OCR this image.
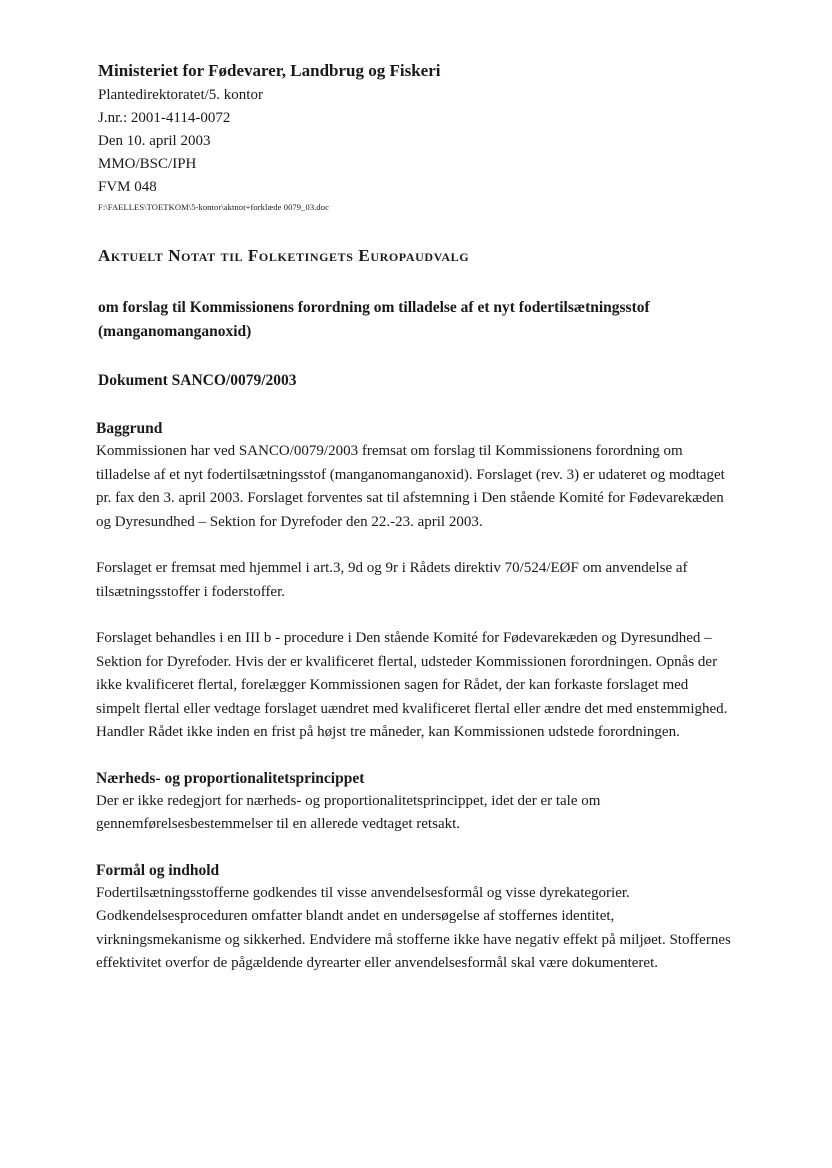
Ministeriet for Fødevarer, Landbrug og Fiskeri
Plantedirektoratet/5. kontor
J.nr.: 2001-4114-0072
Den 10. april 2003
MMO/BSC/IPH
FVM 048
F:\FAELLES\TOETKOM\5-kontor\aktnot+forklæde 0079_03.doc
Aktuelt Notat til Folketingets Europaudvalg
om forslag til Kommissionens forordning om tilladelse af et nyt fodertilsætningsstof (manganomanganoxid)
Dokument SANCO/0079/2003
Baggrund

Kommissionen har ved SANCO/0079/2003 fremsat om forslag til Kommissionens forordning om tilladelse af et nyt fodertilsætningsstof (manganomanganoxid). Forslaget (rev. 3) er udateret og modtaget pr. fax den 3. april 2003. Forslaget forventes sat til afstemning i Den stående Komité for Fødevarekæden og Dyresundhed – Sektion for Dyrefoder den 22.-23. april 2003.

Forslaget er fremsat med hjemmel i art.3, 9d og 9r i Rådets direktiv 70/524/EØF om anvendelse af tilsætningsstoffer i foderstoffer.

Forslaget behandles i en III b - procedure i Den stående Komité for Fødevarekæden og Dyresundhed – Sektion for Dyrefoder. Hvis der er kvalificeret flertal, udsteder Kommissionen forordningen. Opnås der ikke kvalificeret flertal, forelægger Kommissionen sagen for Rådet, der kan forkaste forslaget med simpelt flertal eller vedtage forslaget uændret med kvalificeret flertal eller ændre det med enstemmighed. Handler Rådet ikke inden en frist på højst tre måneder, kan Kommissionen udstede forordningen.

Nærheds- og proportionalitetsprincippet

Der er ikke redegjort for nærheds- og proportionalitetsprincippet, idet der er tale om gennemførelsesbestemmelser til en allerede vedtaget retsakt.

Formål og indhold

Fodertilsætningsstofferne godkendes til visse anvendelsesformål og visse dyrekategorier. Godkendelsesproceduren omfatter blandt andet en undersøgelse af stoffernes identitet, virkningsmekanisme og sikkerhed. Endvidere må stofferne ikke have negativ effekt på miljøet. Stoffernes effektivitet overfor de pågældende dyrearter eller anvendelsesformål skal være dokumenteret.
